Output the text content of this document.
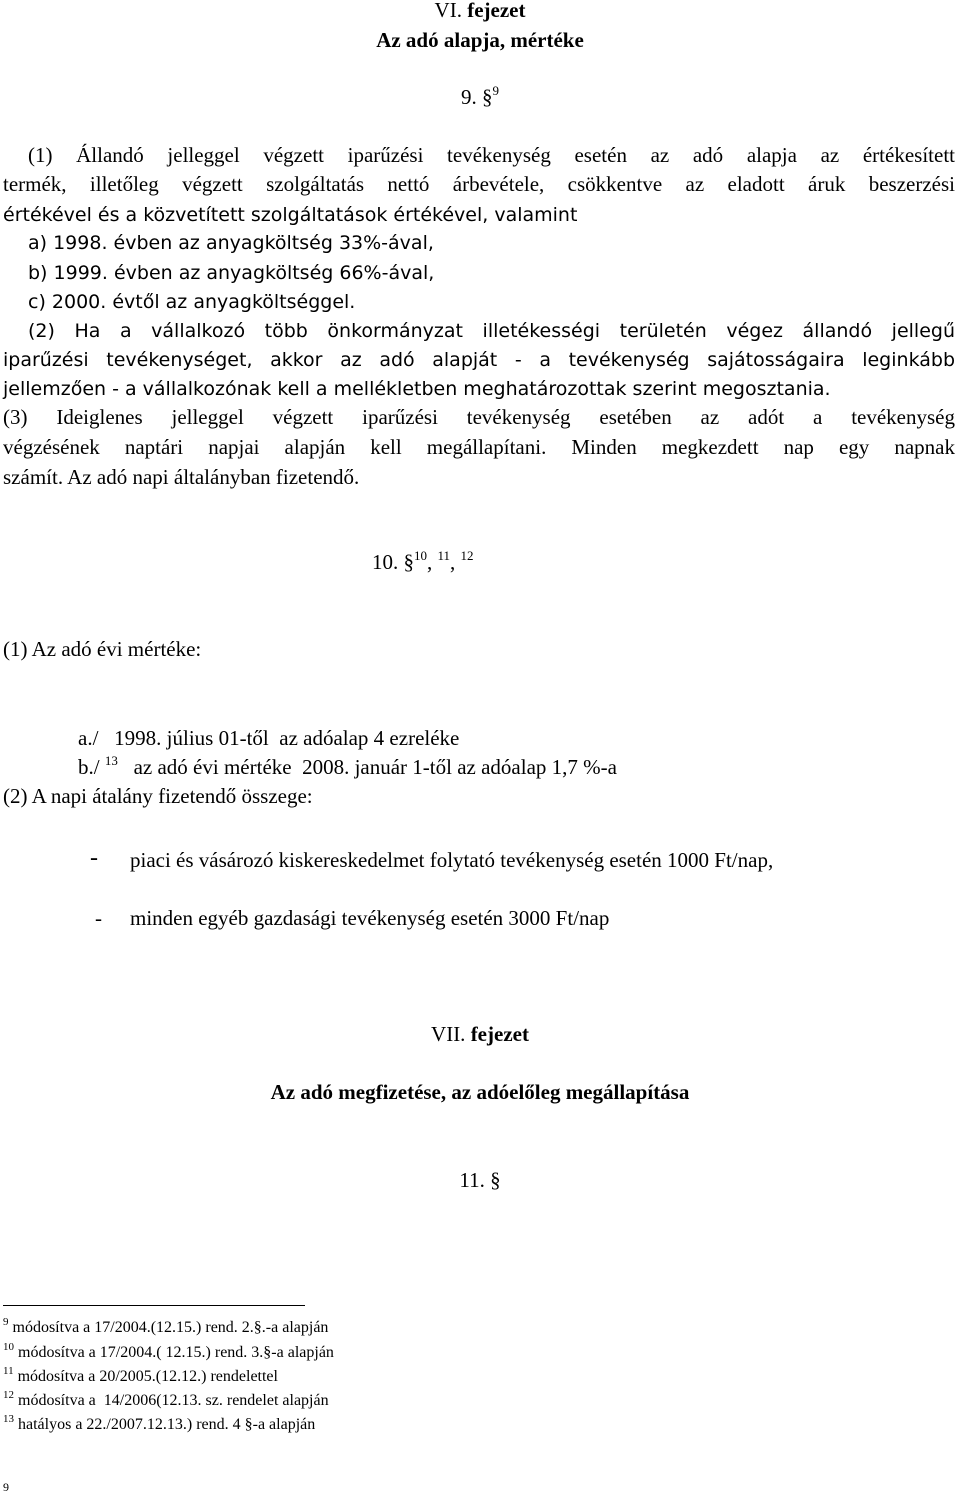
VI. fejezet
Az adó alapja, mértéke
9. §$^9$
(1) Állandó jelleggel végzett iparűzési tevékenység esetén az adó alapja az értékesített
termék, illetőleg végzett szolgáltatás nettó árbevétele, csökkentve az eladott áruk beszerzési
értékével és a közvetített szolgáltatások értékével, valamint
a) 1998. évben az anyagköltség 33%-ával,
b) 1999. évben az anyagköltség 66%-ával,
c) 2000. évtől az anyagköltséggel.
(2) Ha a vállalkozó több önkormányzat illetékességi területén végez állandó jellegű
iparűzési tevékenységet, akkor az adó alapját - a tevékenység sajátosságaira leginkább
jellemzően - a vállalkozónak kell a mellékletben meghatározottak szerint megosztania.
(3) Ideiglenes jelleggel végzett iparűzési tevékenység esetében az adót a tevékenység
végzésének naptári napjai alapján kell megállapítani. Minden megkezdett nap egy napnak
számít. Az adó napi általányban fizetendő.
10. §$^{10}$, $^{11}$, $^{12}$
(1) Az adó évi mértéke:
a./ 1998. július 01-től  az adóalap 4 ezreléke
b./ $^{13}$ az adó évi mértéke  2008. január 1-től az adóalap 1,7 %-a
(2) A napi átalány fizetendő összege:
- piaci és vásározó kiskereskedelmet folytató tevékenység esetén 1000 Ft/nap,
- minden egyéb gazdasági tevékenység esetén 3000 Ft/nap
VII. fejezet
Az adó megfizetése, az adóelőleg megállapítása
11. §
$^9$ módosítva a 17/2004.(12.15.) rend. 2.§.-a alapján
$^{10}$ módosítva a 17/2004.( 12.15.) rend. 3.§-a alapján
$^{11}$ módosítva a 20/2005.(12.12.) rendelettel
$^{12}$ módosítva a  14/2006(12.13. sz. rendelet alapján
$^{13}$ hatályos a 22./2007.12.13.) rend. 4 §-a alapján
9
